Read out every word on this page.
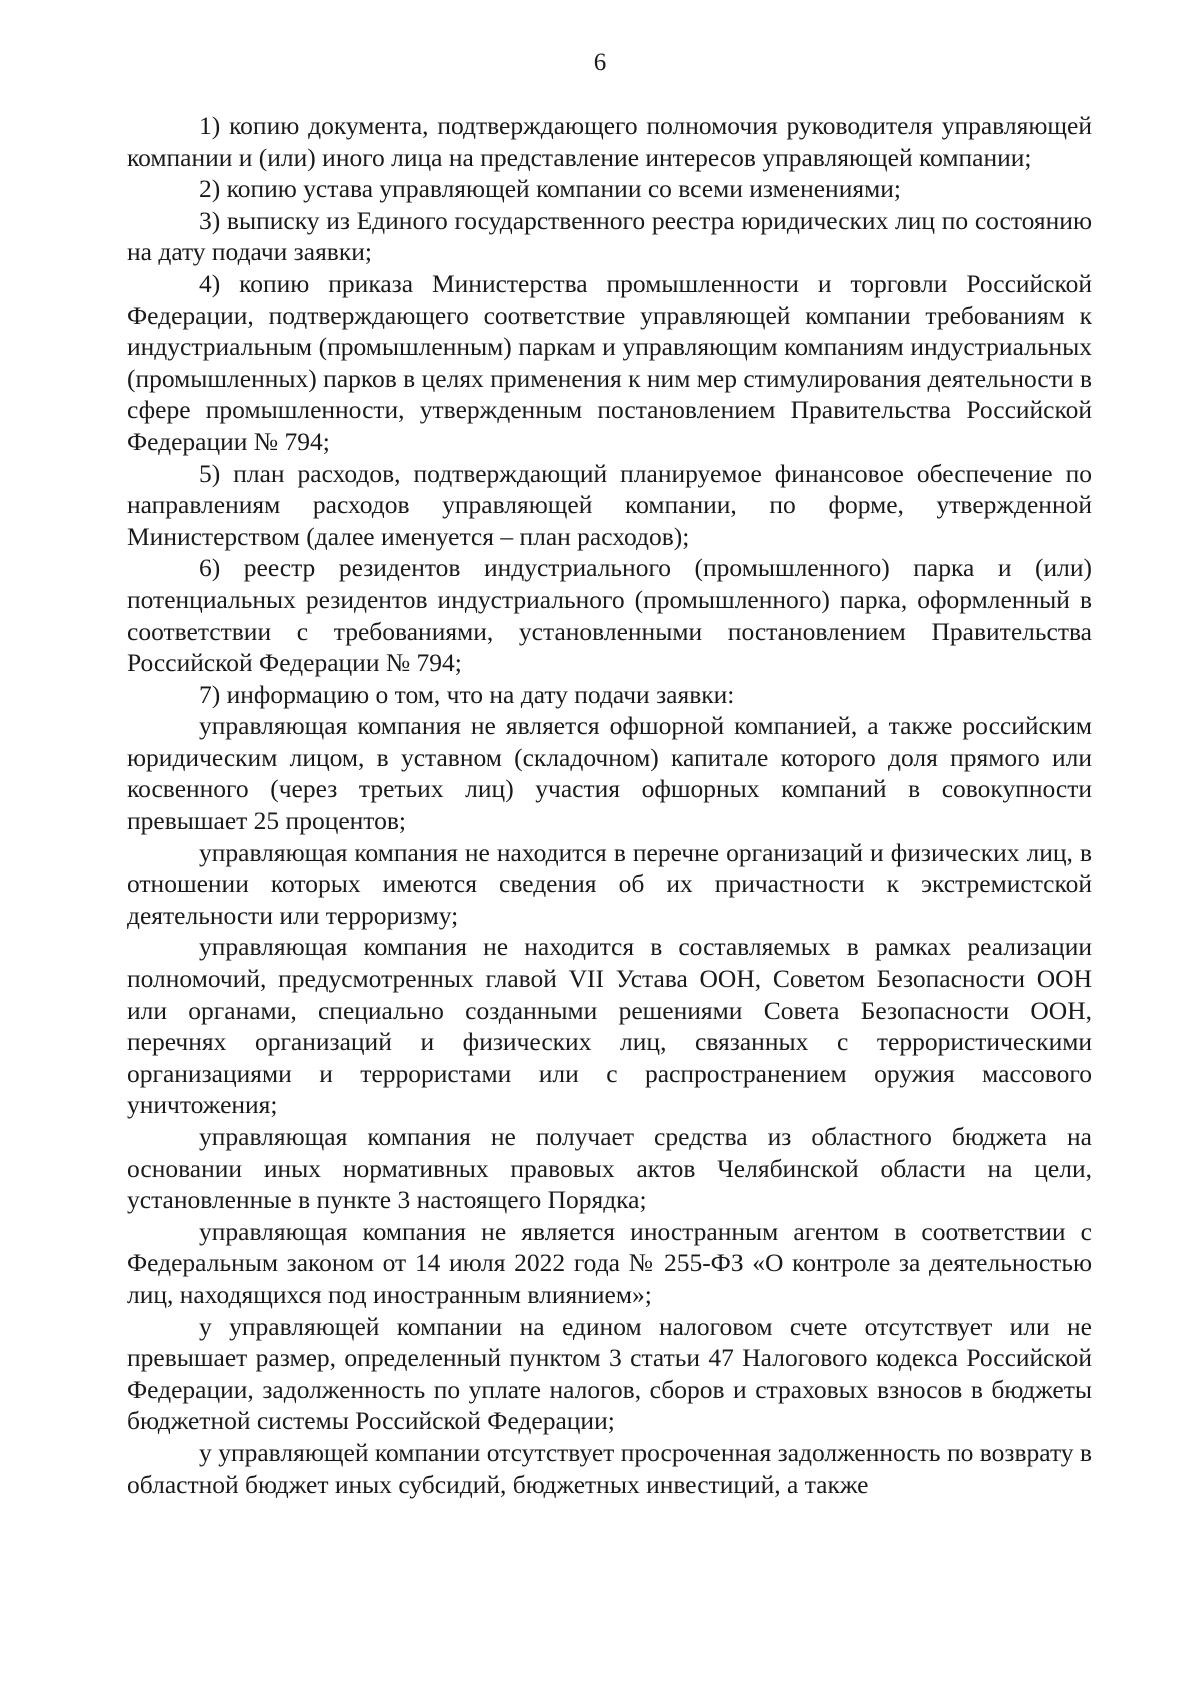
6

1) копию документа, подтверждающего полномочия руководителя управляющей компании и (или) иного лица на представление интересов управляющей компании;

2) копию устава управляющей компании со всеми изменениями;

3) выписку из Единого государственного реестра юридических лиц по состоянию на дату подачи заявки;

4) копию приказа Министерства промышленности и торговли Российской Федерации, подтверждающего соответствие управляющей компании требованиям к индустриальным (промышленным) паркам и управляющим компаниям индустриальных (промышленных) парков в целях применения к ним мер стимулирования деятельности в сфере промышленности, утвержденным постановлением Правительства Российской Федерации № 794;

5) план расходов, подтверждающий планируемое финансовое обеспечение по направлениям расходов управляющей компании, по форме, утвержденной Министерством (далее именуется – план расходов);

6) реестр резидентов индустриального (промышленного) парка и (или) потенциальных резидентов индустриального (промышленного) парка, оформленный в соответствии с требованиями, установленными постановлением Правительства Российской Федерации № 794;

7) информацию о том, что на дату подачи заявки:

управляющая компания не является офшорной компанией, а также российским юридическим лицом, в уставном (складочном) капитале которого доля прямого или косвенного (через третьих лиц) участия офшорных компаний в совокупности превышает 25 процентов;

управляющая компания не находится в перечне организаций и физических лиц, в отношении которых имеются сведения об их причастности к экстремистской деятельности или терроризму;

управляющая компания не находится в составляемых в рамках реализации полномочий, предусмотренных главой VII Устава ООН, Советом Безопасности ООН или органами, специально созданными решениями Совета Безопасности ООН, перечнях организаций и физических лиц, связанных с террористическими организациями и террористами или с распространением оружия массового уничтожения;

управляющая компания не получает средства из областного бюджета на основании иных нормативных правовых актов Челябинской области на цели, установленные в пункте 3 настоящего Порядка;

управляющая компания не является иностранным агентом в соответствии с Федеральным законом от 14 июля 2022 года № 255-ФЗ «О контроле за деятельностью лиц, находящихся под иностранным влиянием»;

у управляющей компании на едином налоговом счете отсутствует или не превышает размер, определенный пунктом 3 статьи 47 Налогового кодекса Российской Федерации, задолженность по уплате налогов, сборов и страховых взносов в бюджеты бюджетной системы Российской Федерации;

у управляющей компании отсутствует просроченная задолженность по возврату в областной бюджет иных субсидий, бюджетных инвестиций, а также
